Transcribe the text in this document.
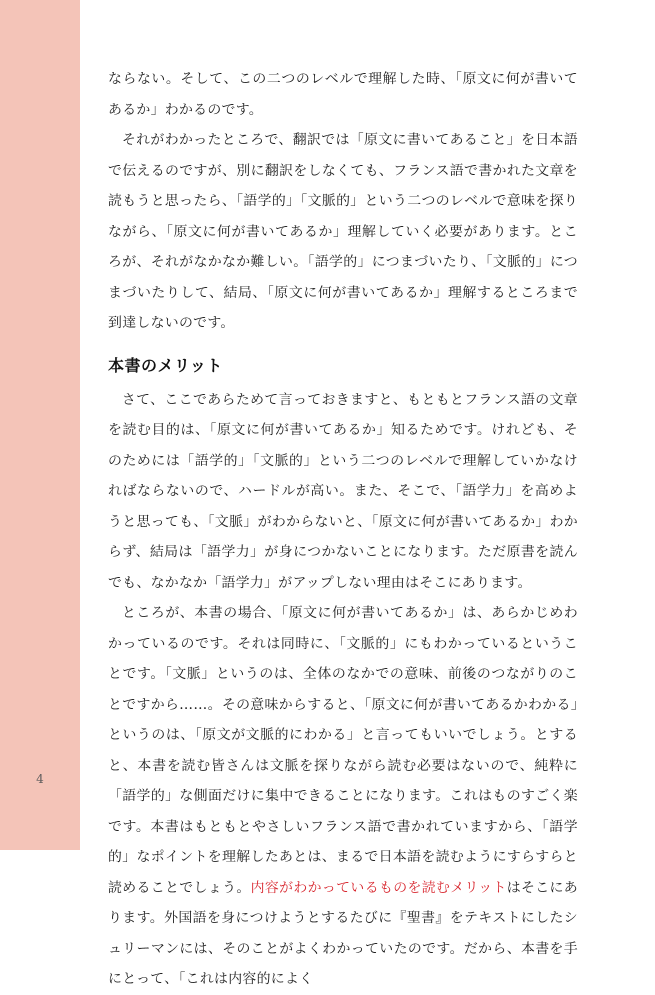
4

ならない。そして、この二つのレベルで理解した時、「原文に何が書いてあるか」わかるのです。

それがわかったところで、翻訳では「原文に書いてあること」を日本語で伝えるのですが、別に翻訳をしなくても、フランス語で書かれた文章を読もうと思ったら、「語学的」「文脈的」という二つのレベルで意味を探りながら、「原文に何が書いてあるか」理解していく必要があります。ところが、それがなかなか難しい。「語学的」につまづいたり、「文脈的」につまづいたりして、結局、「原文に何が書いてあるか」理解するところまで到達しないのです。

本書のメリット

さて、ここであらためて言っておきますと、もともとフランス語の文章を読む目的は、「原文に何が書いてあるか」知るためです。けれども、そのためには「語学的」「文脈的」という二つのレベルで理解していかなければならないので、ハードルが高い。また、そこで、「語学力」を高めようと思っても、「文脈」がわからないと、「原文に何が書いてあるか」わからず、結局は「語学力」が身につかないことになります。ただ原書を読んでも、なかなか「語学力」がアップしない理由はそこにあります。

ところが、本書の場合、「原文に何が書いてあるか」は、あらかじめわかっているのです。それは同時に、「文脈的」にもわかっているということです。「文脈」というのは、全体のなかでの意味、前後のつながりのことですから……。その意味からすると、「原文に何が書いてあるかわかる」というのは、「原文が文脈的にわかる」と言ってもいいでしょう。とすると、本書を読む皆さんは文脈を探りながら読む必要はないので、純粋に「語学的」な側面だけに集中できることになります。これはものすごく楽です。本書はもともとやさしいフランス語で書かれていますから、「語学的」なポイントを理解したあとは、まるで日本語を読むようにすらすらと読めることでしょう。内容がわかっているものを読むメリットはそこにあります。外国語を身につけようとするたびに『聖書』をテキストにしたシュリーマンには、そのことがよくわかっていたのです。だから、本書を手にとって、「これは内容的によく
